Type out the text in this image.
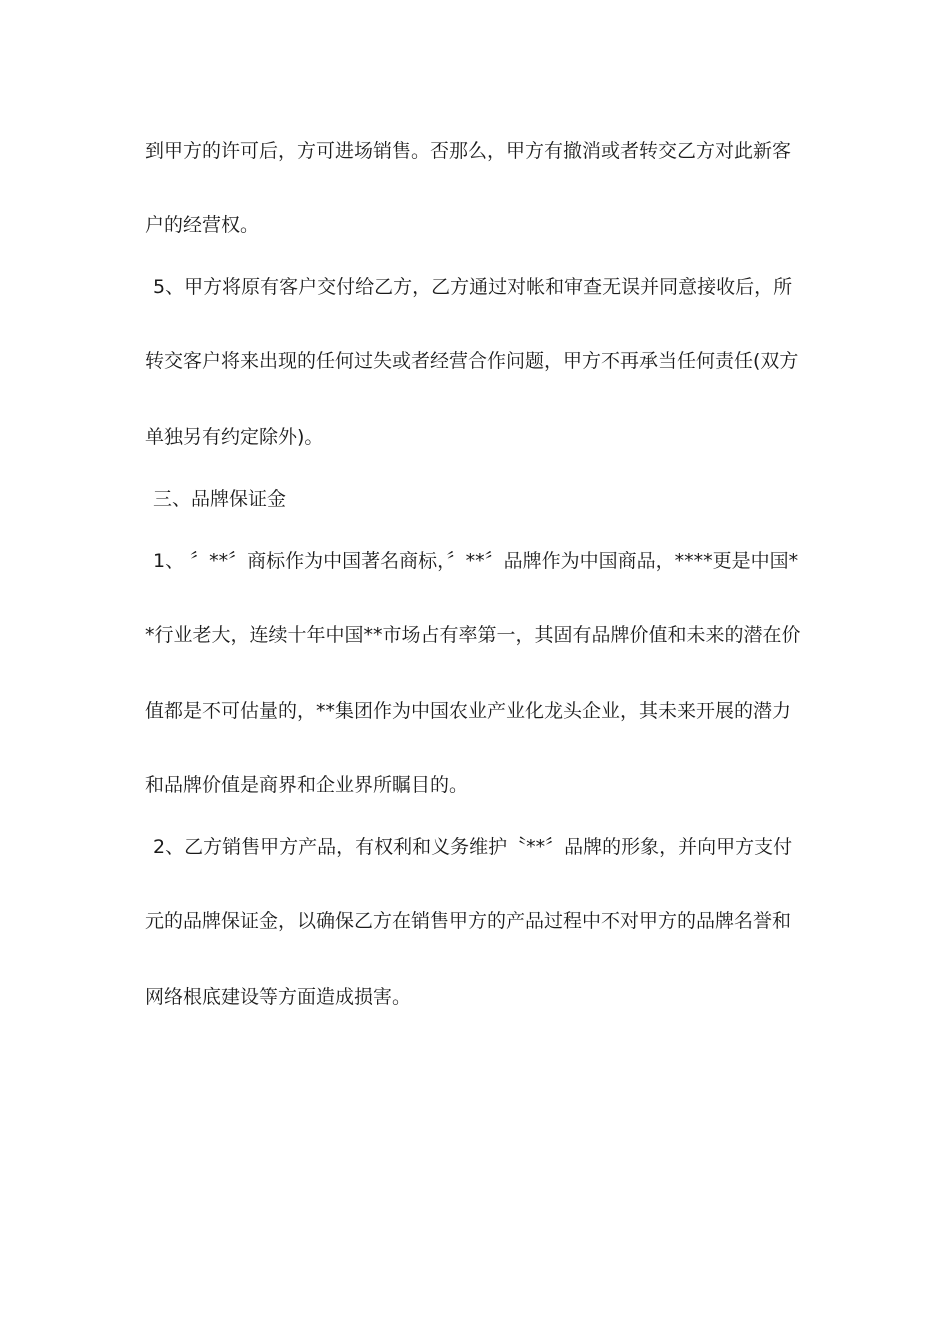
到甲方的许可后，方可进场销售。否那么，甲方有撤消或者转交乙方对此新客
户的经营权。
5、甲方将原有客户交付给乙方，乙方通过对帐和审查无误并同意接收后，所
转交客户将来出现的任何过失或者经营合作问题，甲方不再承当任何责任(双方
单独另有约定除外)。
三、品牌保证金
1、 〞**〞商标作为中国著名商标，〞**〞品牌作为中国商品，****更是中国*
*行业老大，连续十年中国**市场占有率第一，其固有品牌价值和未来的潜在价
值都是不可估量的，**集团作为中国农业产业化龙头企业，其未来开展的潜力
和品牌价值是商界和企业界所瞩目的。
2、乙方销售甲方产品，有权利和义务维护〝**〞品牌的形象，并向甲方支付
元的品牌保证金，以确保乙方在销售甲方的产品过程中不对甲方的品牌名誉和
网络根底建设等方面造成损害。
